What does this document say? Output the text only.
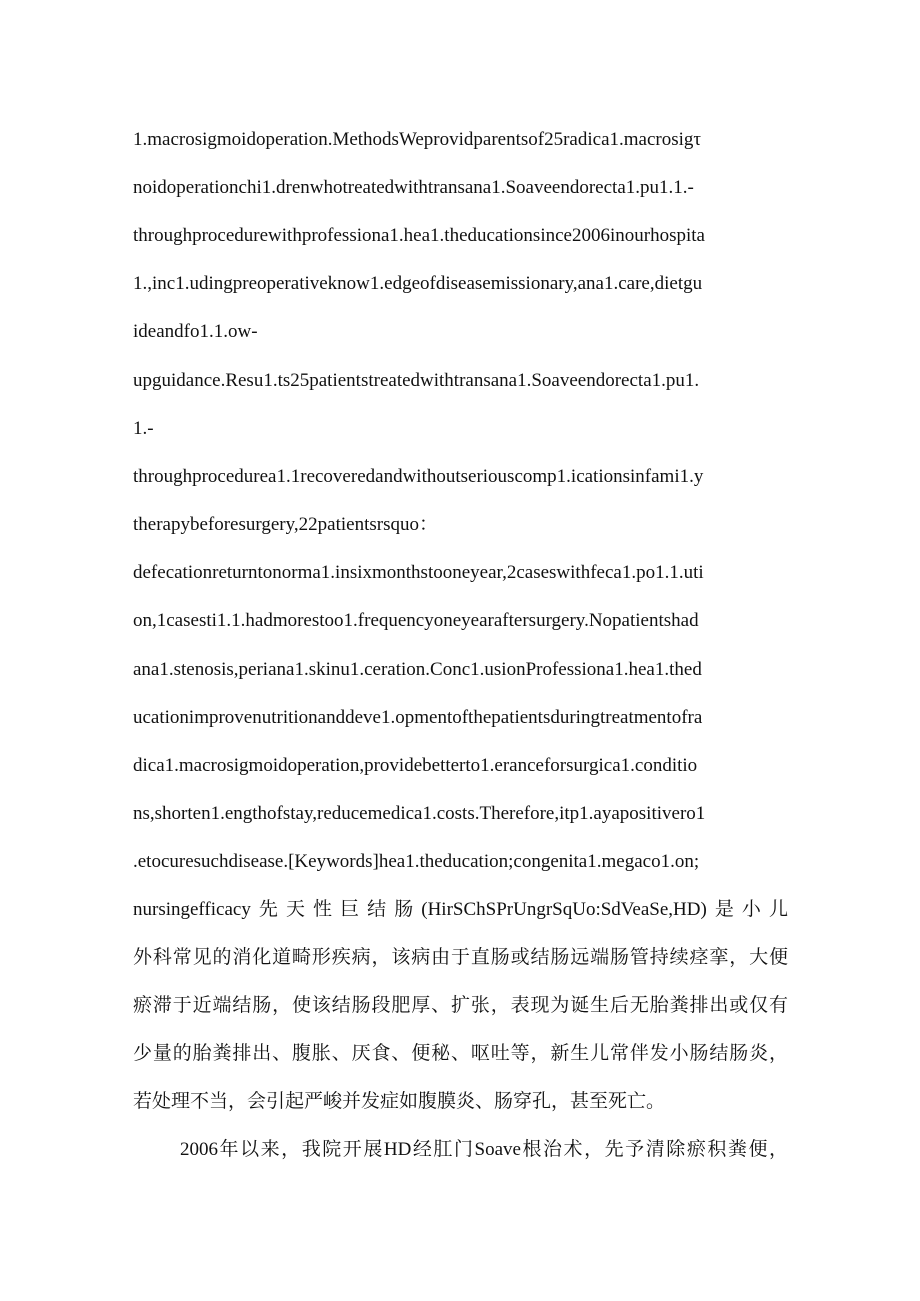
1.macrosigmoidoperation.MethodsWeprovidparentsof25radica1.macrosigτ
noidoperationchi1.drenwhotreatedwithtransana1.Soaveendorecta1.pu1.1.-
throughprocedurewithprofessiona1.hea1.theducationsince2006inourhospita
1.,inc1.udingpreoperativeknow1.edgeofdiseasemissionary,ana1.care,dietgu
ideandfo1.1.ow-
upguidance.Resu1.ts25patientstreatedwithtransana1.Soaveendorecta1.pu1.
1.-
throughprocedurea1.1recoveredandwithoutseriouscomp1.icationsinfami1.y
therapybeforesurgery,22patientsrsquo：
defecationreturntonorma1.insixmonthstooneyear,2caseswithfeca1.po1.1.uti
on,1casesti1.1.hadmorestoo1.frequencyoneyearaftersurgery.Nopatientshad
ana1.stenosis,periana1.skinu1.ceration.Conc1.usionProfessiona1.hea1.thed
ucationimprovenutritionanddeve1.opmentofthepatientsduringtreatmentofra
dica1.macrosigmoidoperation,providebetterto1.eranceforsurgica1.conditio
ns,shorten1.engthofstay,reducemedica1.costs.Therefore,itp1.ayapositivero1
.etocuresuchdisease.[Keywords]hea1.theducation;congenita1.megaco1.on;
nursingefficacy先天性巨结肠(HirSChSPrUngrSqUo:SdVeaSe,HD)是小儿
外科常见的消化道畸形疾病，该病由于直肠或结肠远端肠管持续痉挛，大便
瘀滞于近端结肠，使该结肠段肥厚、扩张，表现为诞生后无胎粪排出或仅有
少量的胎粪排出、腹胀、厌食、便秘、呕吐等，新生儿常伴发小肠结肠炎，
若处理不当，会引起严峻并发症如腹膜炎、肠穿孔，甚至死亡。
2006年以来，我院开展HD经肛门Soave根治术，先予清除瘀积粪便，
